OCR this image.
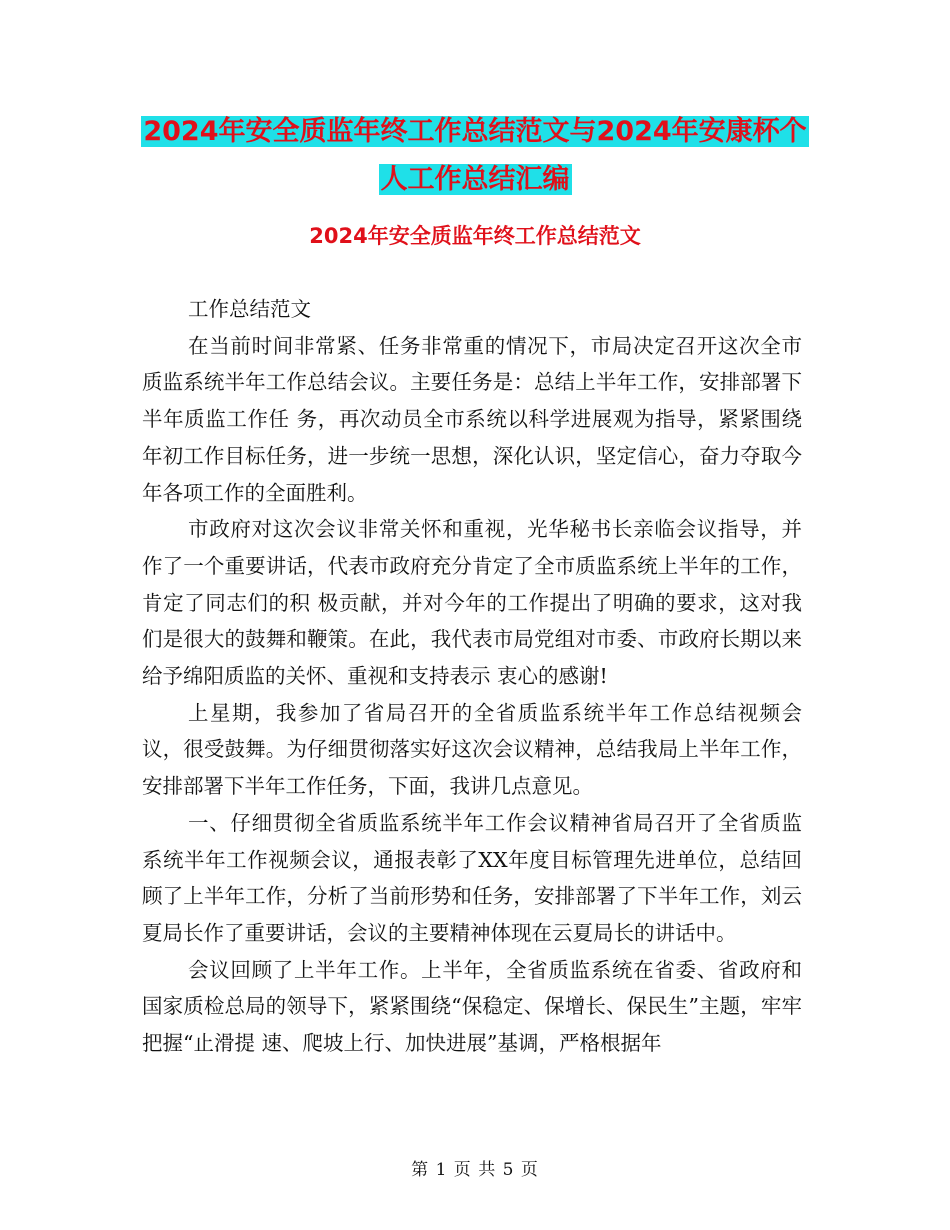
2024年安全质监年终工作总结范文与2024年安康杯个
人工作总结汇编
2024年安全质监年终工作总结范文

工作总结范文

在当前时间非常紧、任务非常重的情况下，市局决定召开这次全市质监系统半年工作总结会议。主要任务是：总结上半年工作，安排部署下半年质监工作任 务，再次动员全市系统以科学进展观为指导，紧紧围绕年初工作目标任务，进一步统一思想，深化认识，坚定信心，奋力夺取今年各项工作的全面胜利。

市政府对这次会议非常关怀和重视，光华秘书长亲临会议指导，并作了一个重要讲话，代表市政府充分肯定了全市质监系统上半年的工作，肯定了同志们的积 极贡献，并对今年的工作提出了明确的要求，这对我们是很大的鼓舞和鞭策。在此，我代表市局党组对市委、市政府长期以来给予绵阳质监的关怀、重视和支持表示 衷心的感谢!

上星期，我参加了省局召开的全省质监系统半年工作总结视频会议，很受鼓舞。为仔细贯彻落实好这次会议精神，总结我局上半年工作，安排部署下半年工作任务，下面，我讲几点意见。

一、仔细贯彻全省质监系统半年工作会议精神省局召开了全省质监系统半年工作视频会议，通报表彰了XX年度目标管理先进单位，总结回顾了上半年工作，分析了当前形势和任务，安排部署了下半年工作，刘云夏局长作了重要讲话，会议的主要精神体现在云夏局长的讲话中。

会议回顾了上半年工作。上半年，全省质监系统在省委、省政府和国家质检总局的领导下，紧紧围绕“保稳定、保增长、保民生”主题，牢牢把握“止滑提 速、爬坡上行、加快进展”基调，严格根据年

第 1 页 共 5 页
